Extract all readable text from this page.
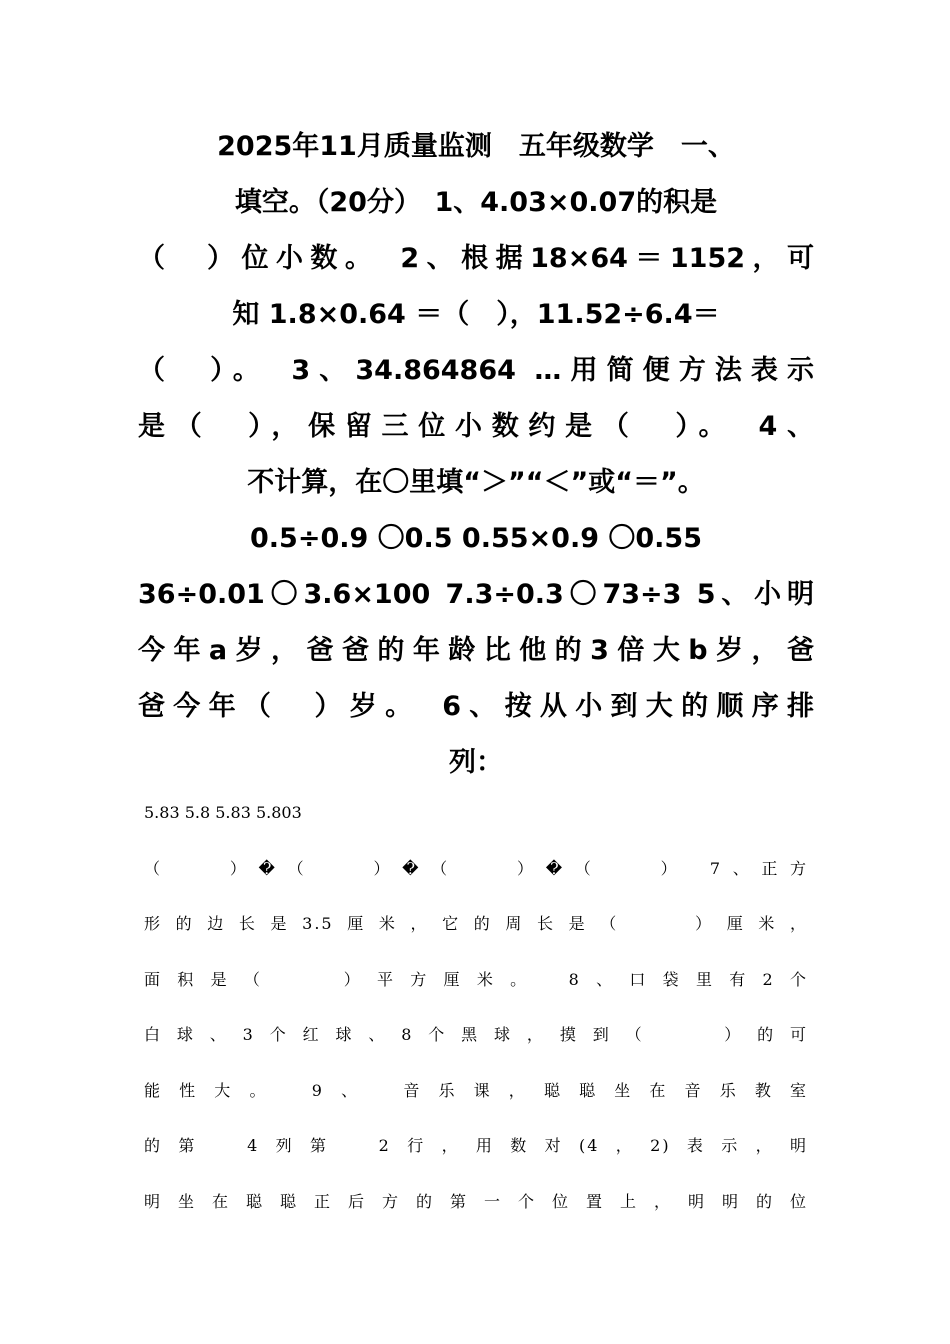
2025年11月质量监测　五年级数学　一、
填空。（20分）　1、4.03×0.07的积是
（　）位小数。　2、根据18×64＝1152，可
知 1.8×0.64 ＝（　），11.52÷6.4＝
（　）。　3、34.864864 …用简便方法表示
是（　），保留三位小数约是（　）。　4、
不计算，在〇里填“＞”“＜”或“＝”。
0.5÷0.9 〇0.5 0.55×0.9 〇0.55
36÷0.01〇3.6×100 7.3÷0.3〇73÷3 5、小明
今年a岁，爸爸的年龄比他的3倍大b岁，爸
爸今年（　）岁。　6、按从小到大的顺序排
列：
5.83 5.8 5.83 5.803
（　　）�（　　）�（　　）�（　　）　7、正方
形的边长是3.5厘米，它的周长是（　　）厘米，
面积是（　　）平方厘米。　8、口袋里有2个
白球、3个红球、8个黑球，摸到（　　）的可
能性大。　9、　音乐课，聪聪坐在音乐教室
的第　4列第　2行，用数对(4，2)表示，明
明坐在聪聪正后方的第一个位置上，明明的位
